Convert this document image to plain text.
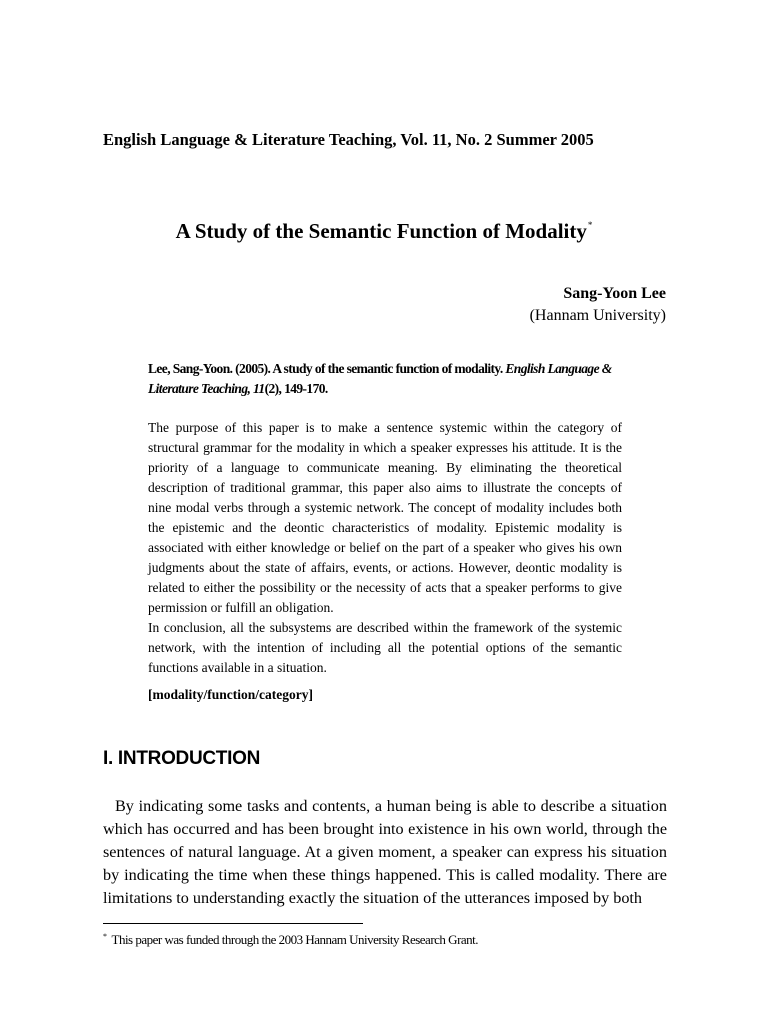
English Language & Literature Teaching, Vol. 11, No. 2 Summer 2005
A Study of the Semantic Function of Modality*
Sang-Yoon Lee
(Hannam University)
Lee, Sang-Yoon. (2005). A study of the semantic function of modality. English Language & Literature Teaching, 11(2), 149-170.

The purpose of this paper is to make a sentence systemic within the category of structural grammar for the modality in which a speaker expresses his attitude. It is the priority of a language to communicate meaning. By eliminating the theoretical description of traditional grammar, this paper also aims to illustrate the concepts of nine modal verbs through a systemic network. The concept of modality includes both the epistemic and the deontic characteristics of modality. Epistemic modality is associated with either knowledge or belief on the part of a speaker who gives his own judgments about the state of affairs, events, or actions. However, deontic modality is related to either the possibility or the necessity of acts that a speaker performs to give permission or fulfill an obligation.

In conclusion, all the subsystems are described within the framework of the systemic network, with the intention of including all the potential options of the semantic functions available in a situation.

[modality/function/category]
I. INTRODUCTION

By indicating some tasks and contents, a human being is able to describe a situation which has occurred and has been brought into existence in his own world, through the sentences of natural language. At a given moment, a speaker can express his situation by indicating the time when these things happened. This is called modality. There are limitations to understanding exactly the situation of the utterances imposed by both

* This paper was funded through the 2003 Hannam University Research Grant.
